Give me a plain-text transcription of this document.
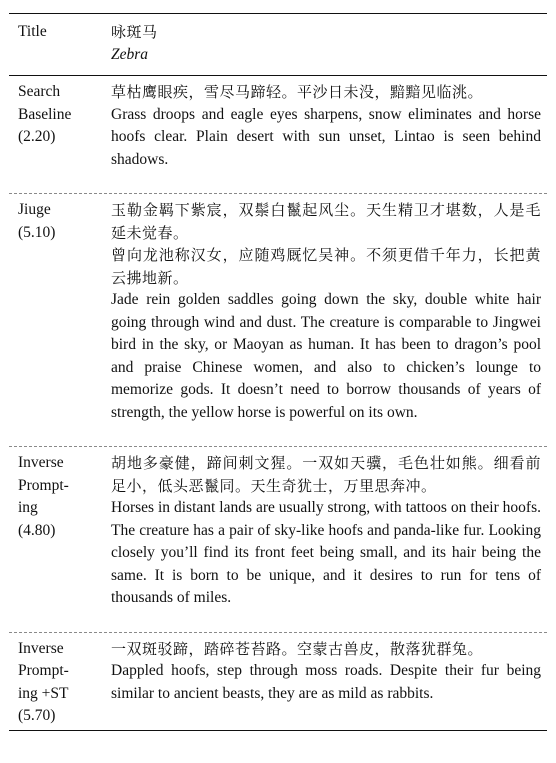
Title	咏斑马
Zebra
Search
Baseline
(2.20)
草枯鹰眼疾，雪尽马蹄轻。平沙日未没，黯黯见临洮。
Grass droops and eagle eyes sharpens, snow eliminates and horse hoofs clear. Plain desert with sun unset, Lintao is seen behind shadows.
Jiuge
(5.10)
玉勒金羁下紫宸，双鬃白鬣起风尘。天生精卫才堪数，人是毛延未觉春。
曾向龙池称汉女，应随鸡厩忆吴神。不须更借千年力，长把黄云拂地新。
Jade rein golden saddles going down the sky, double white hair going through wind and dust. The creature is comparable to Jingwei bird in the sky, or Maoyan as human. It has been to dragon’s pool and praise Chinese women, and also to chicken’s lounge to memorize gods. It doesn’t need to borrow thousands of years of strength, the yellow horse is powerful on its own.
Inverse
Prompt-
ing
(4.80)
胡地多豪健，蹄间刺文猩。一双如天骥，毛色壮如熊。细看前足小，低头恶鬣同。天生奇犹士，万里思奔冲。
Horses in distant lands are usually strong, with tattoos on their hoofs. The creature has a pair of sky-like hoofs and panda-like fur. Looking closely you’ll find its front feet being small, and its hair being the same. It is born to be unique, and it desires to run for tens of thousands of miles.
Inverse
Prompt-
ing +ST
(5.70)
一双斑驳蹄，踏碎苍苔路。空蒙古兽皮，散落犹群兔。
Dappled hoofs, step through moss roads. Despite their fur being similar to ancient beasts, they are as mild as rabbits.
